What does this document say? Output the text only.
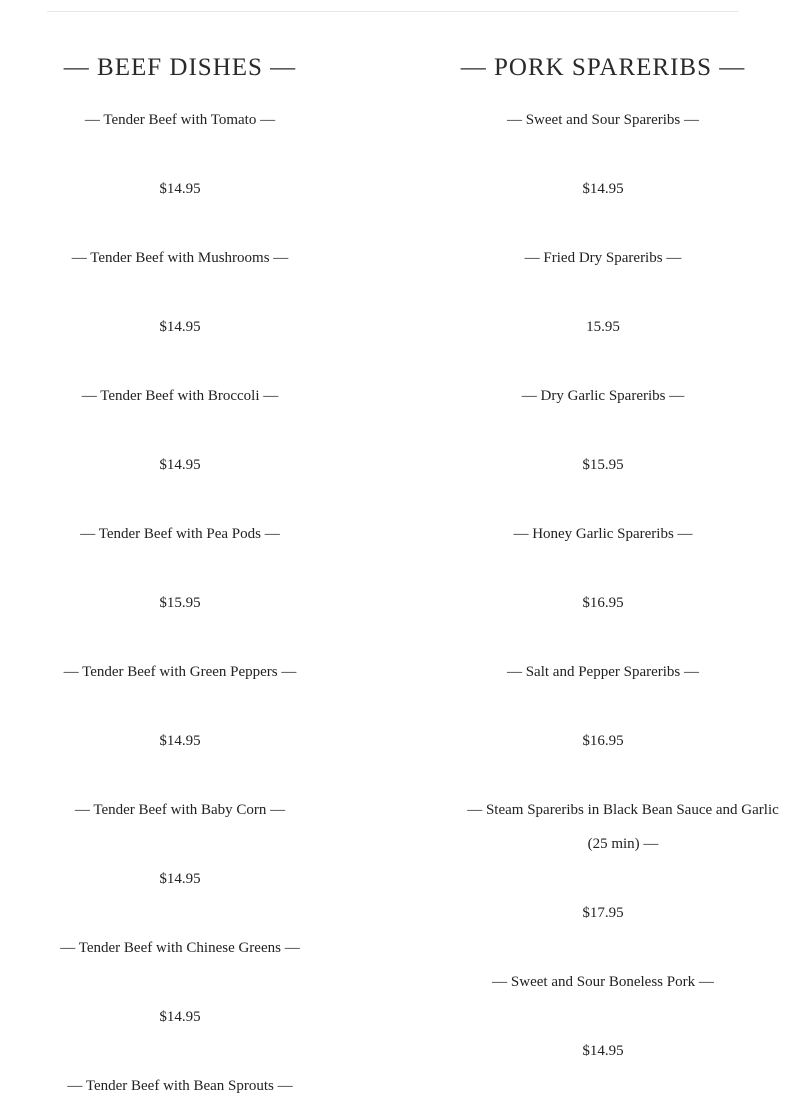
— BEEF DISHES —
— Tender Beef with Tomato —
$14.95
— Tender Beef with Mushrooms —
$14.95
— Tender Beef with Broccoli —
$14.95
— Tender Beef with Pea Pods —
$15.95
— Tender Beef with Green Peppers —
$14.95
— Tender Beef with Baby Corn —
$14.95
— Tender Beef with Chinese Greens —
$14.95
— Tender Beef with Bean Sprouts —
— PORK SPARERIBS —
— Sweet and Sour Spareribs —
$14.95
— Fried Dry Spareribs —
15.95
— Dry Garlic Spareribs —
$15.95
— Honey Garlic Spareribs —
$16.95
— Salt and Pepper Spareribs —
$16.95
— Steam Spareribs in Black Bean Sauce and Garlic (25 min) —
$17.95
— Sweet and Sour Boneless Pork —
$14.95
